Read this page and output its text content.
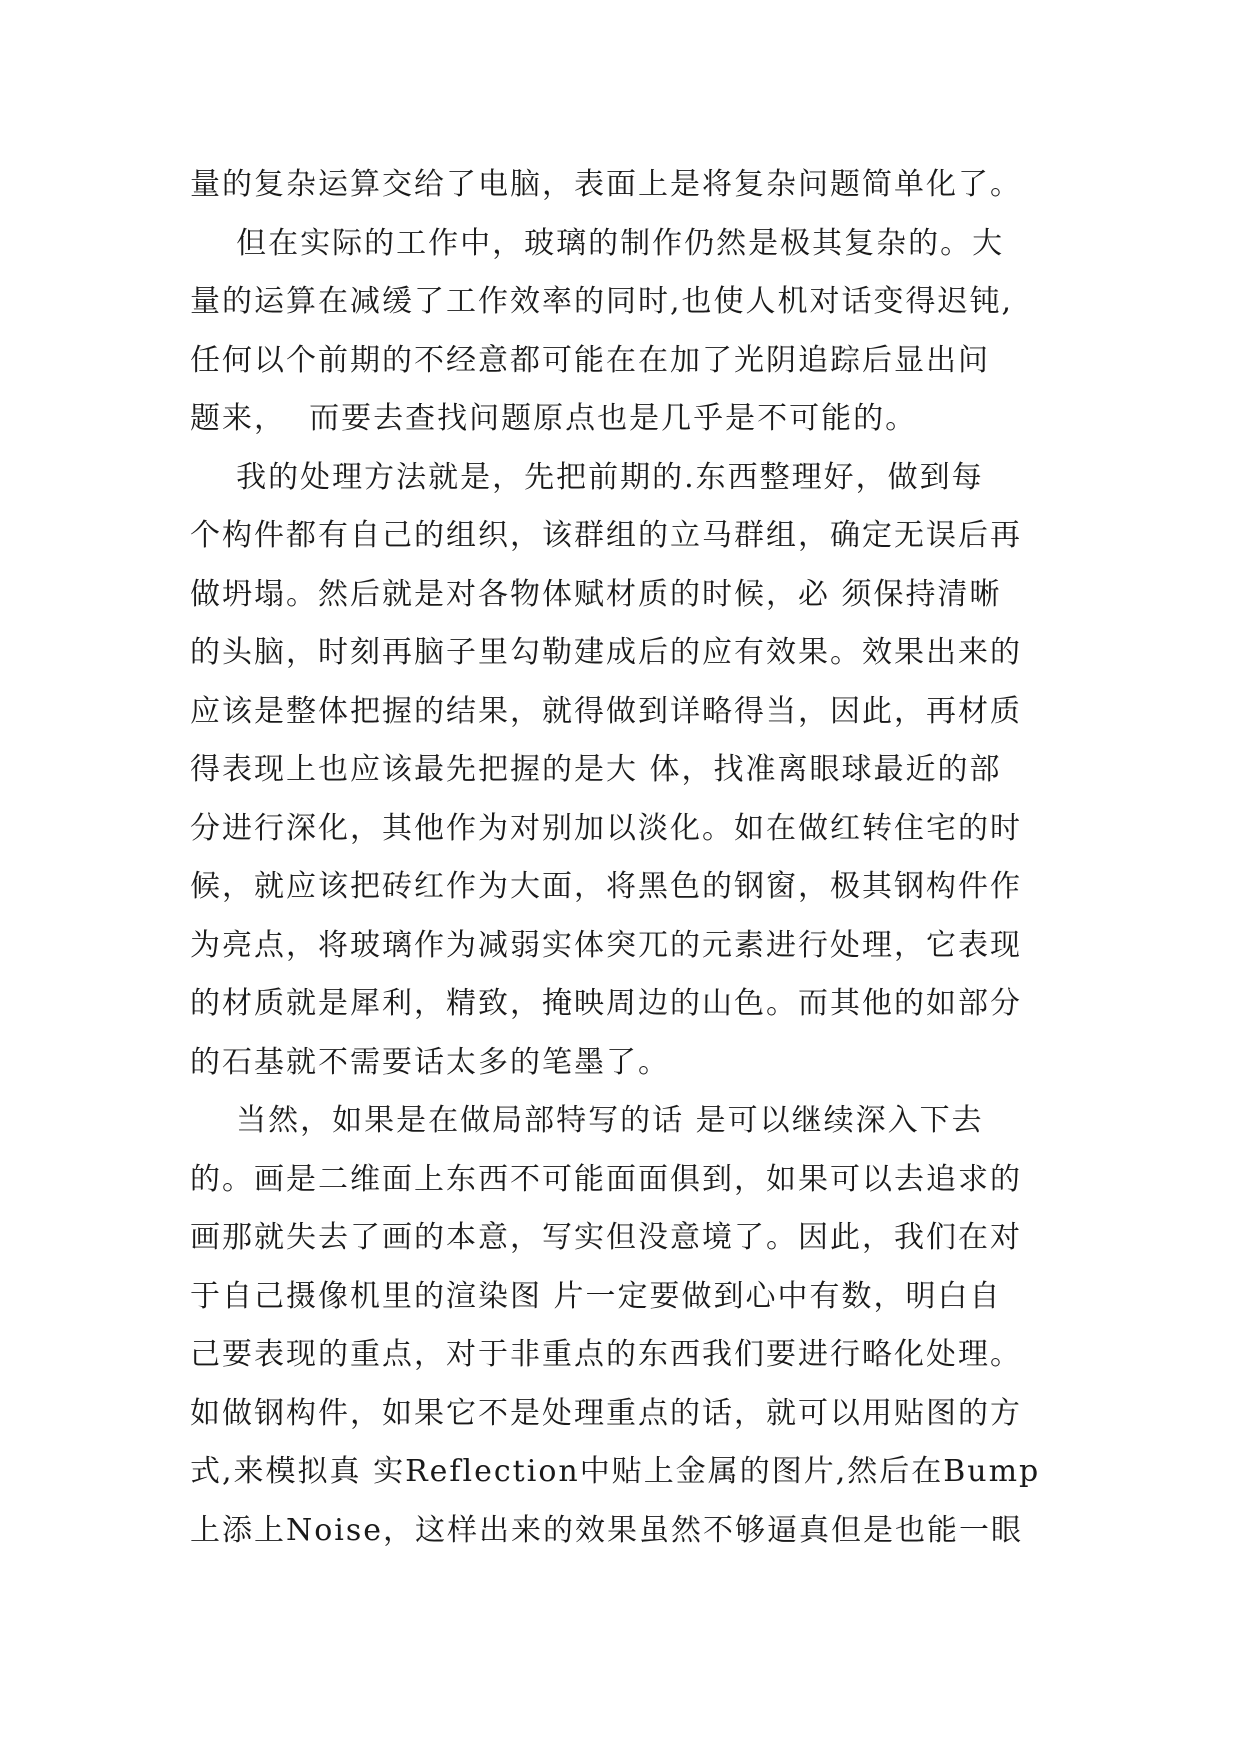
量的复杂运算交给了电脑，表面上是将复杂问题简单化了。
但在实际的工作中，玻璃的制作仍然是极其复杂的。大
量的运算在减缓了工作效率的同时,也使人机对话变得迟钝,
任何以个前期的不经意都可能在在加了光阴追踪后显出问
题来，  而要去查找问题原点也是几乎是不可能的。
我的处理方法就是，先把前期的.东西整理好，做到每
个构件都有自己的组织，该群组的立马群组，确定无误后再
做坍塌。然后就是对各物体赋材质的时候，必 须保持清晰
的头脑，时刻再脑子里勾勒建成后的应有效果。效果出来的
应该是整体把握的结果，就得做到详略得当，因此，再材质
得表现上也应该最先把握的是大 体，找准离眼球最近的部
分进行深化，其他作为对别加以淡化。如在做红转住宅的时
候，就应该把砖红作为大面，将黑色的钢窗，极其钢构件作
为亮点，将玻璃作为减弱实体突兀的元素进行处理，它表现
的材质就是犀利，精致，掩映周边的山色。而其他的如部分
的石基就不需要话太多的笔墨了。
当然，如果是在做局部特写的话 是可以继续深入下去
的。画是二维面上东西不可能面面俱到，如果可以去追求的
画那就失去了画的本意，写实但没意境了。因此，我们在对
于自己摄像机里的渲染图 片一定要做到心中有数，明白自
己要表现的重点，对于非重点的东西我们要进行略化处理。
如做钢构件，如果它不是处理重点的话，就可以用贴图的方
式,来模拟真 实Reflection中贴上金属的图片,然后在Bump
上添上Noise，这样出来的效果虽然不够逼真但是也能一眼
